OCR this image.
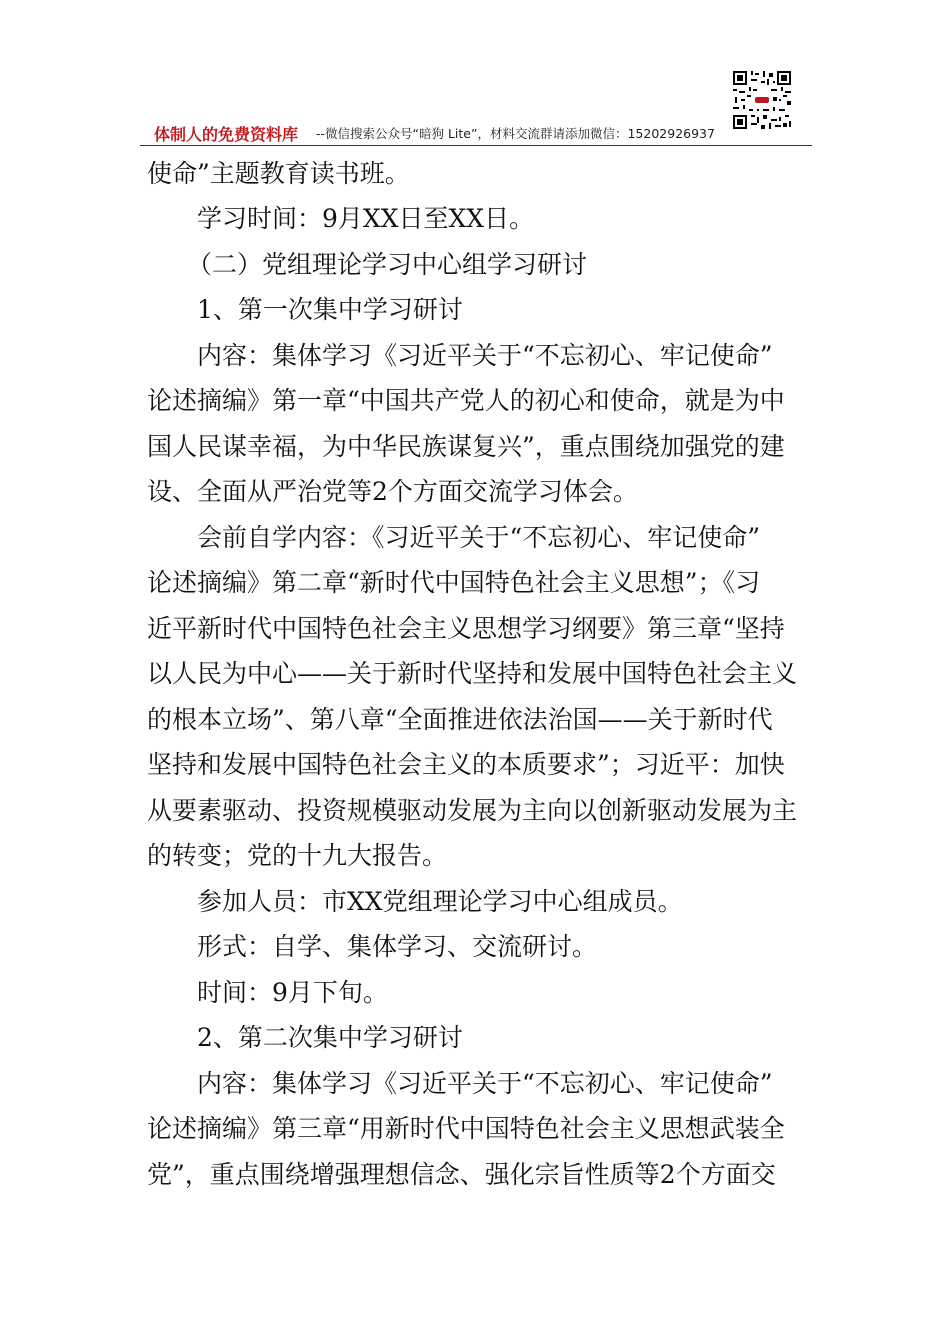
体制人的免费资料库 --微信搜索公众号“暗狗 Lite”，材料交流群请添加微信：15202926937
使命”主题教育读书班。
学习时间：9月XX日至XX日。
（二）党组理论学习中心组学习研讨
1、第一次集中学习研讨
内容：集体学习《习近平关于“不忘初心、牢记使命”
论述摘编》第一章“中国共产党人的初心和使命，就是为中
国人民谋幸福，为中华民族谋复兴”，重点围绕加强党的建
设、全面从严治党等2个方面交流学习体会。
会前自学内容：《习近平关于“不忘初心、牢记使命”
论述摘编》第二章“新时代中国特色社会主义思想”；《习
近平新时代中国特色社会主义思想学习纲要》第三章“坚持
以人民为中心——关于新时代坚持和发展中国特色社会主义
的根本立场”、第八章“全面推进依法治国——关于新时代
坚持和发展中国特色社会主义的本质要求”；习近平：加快
从要素驱动、投资规模驱动发展为主向以创新驱动发展为主
的转变；党的十九大报告。
参加人员：市XX党组理论学习中心组成员。
形式：自学、集体学习、交流研讨。
时间：9月下旬。
2、第二次集中学习研讨
内容：集体学习《习近平关于“不忘初心、牢记使命”
论述摘编》第三章“用新时代中国特色社会主义思想武装全
党”，重点围绕增强理想信念、强化宗旨性质等2个方面交
